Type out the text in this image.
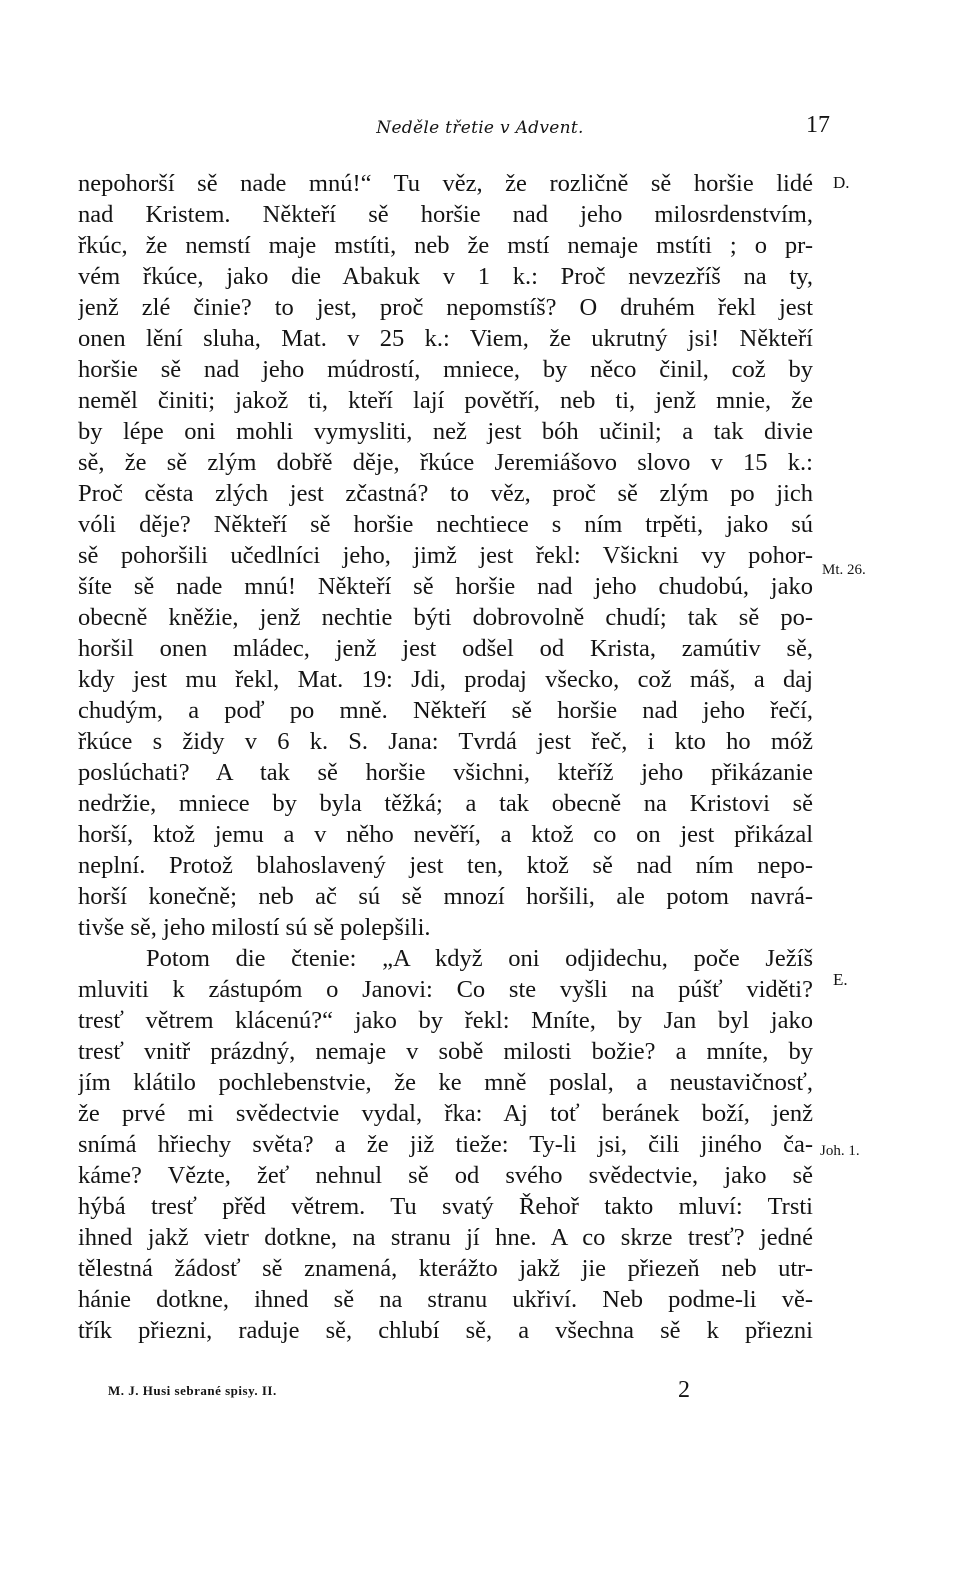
Neděle třetie v Advent.	17
nepohorší sě nade mnú!“ Tu věz, že rozličně sě horšie lidé
nad Kristem. Někteří sě horšie nad jeho milosrdenstvím,
řkúc, že nemstí maje mstíti, neb že mstí nemaje mstíti ; o pr-
vém řkúce, jako die Abakuk v 1 k.: Proč nevzezříš na ty,
jenž zlé činie? to jest, proč nepomstíš? O druhém řekl jest
onen lění sluha, Mat. v 25 k.: Viem, že ukrutný jsi! Někteří
horšie sě nad jeho múdrostí, mniece, by něco činil, což by
neměl činiti; jakož ti, kteří lají povětří, neb ti, jenž mnie, že
by lépe oni mohli vymysliti, než jest bóh učinil; a tak divie
sě, že sě zlým dobřě děje, řkúce Jeremiášovo slovo v 15 k.:
Proč cěsta zlých jest zčastná? to věz, proč sě zlým po jich
vóli děje? Někteří sě horšie nechtiece s ním trpěti, jako sú
sě pohoršili učedlníci jeho, jimž jest řekl: Všickni vy pohor-
šíte sě nade mnú! Někteří sě horšie nad jeho chudobú, jako
obecně kněžie, jenž nechtie býti dobrovolně chudí; tak sě po-
horšil onen mládec, jenž jest odšel od Krista, zamútiv sě,
kdy jest mu řekl, Mat. 19: Jdi, prodaj všecko, což máš, a daj
chudým, a poď po mně. Někteří sě horšie nad jeho řečí,
řkúce s židy v 6 k. S. Jana: Tvrdá jest řeč, i kto ho móž
poslúchati? A tak sě horšie všichni, kteříž jeho přikázanie
nedržie, mniece by byla těžká; a tak obecně na Kristovi sě
horší, ktož jemu a v něho nevěří, a ktož co on jest přikázal
neplní. Protož blahoslavený jest ten, ktož sě nad ním nepo-
horší konečně; neb ač sú sě mnozí horšili, ale potom navrá-
tivše sě, jeho milostí sú sě polepšili.
Potom die čtenie: „A když oni odjidechu, poče Ježíš
mluviti k zástupóm o Janovi: Co ste vyšli na púšť viděti?
tresť větrem klácenú?“ jako by řekl: Mníte, by Jan byl jako
tresť vnitř prázdný, nemaje v sobě milosti božie? a mníte, by
jím klátilo pochlebenstvie, že ke mně poslal, a neustavičnosť,
že prvé mi svědectvie vydal, řka: Aj toť beránek boží, jenž
snímá hřiechy světa? a že již tieže: Ty-li jsi, čili jiného ča-
káme? Vězte, žeť nehnul sě od svého svědectvie, jako sě
hýbá tresť přěd větrem. Tu svatý Řehoř takto mluví: Trsti
ihned jakž vietr dotkne, na stranu jí hne. A co skrze tresť? jedné
tělestná žádosť sě znamená, kterážto jakž jie přiezeň neb utr-
hánie dotkne, ihned sě na stranu ukřiví. Neb podme-li vě-
třík přiezni, raduje sě, chlubí sě, a všechna sě k přiezni
D.
Mt. 26.
E.
Joh. 1.
M. J. Husi sebrané spisy. II.	2
